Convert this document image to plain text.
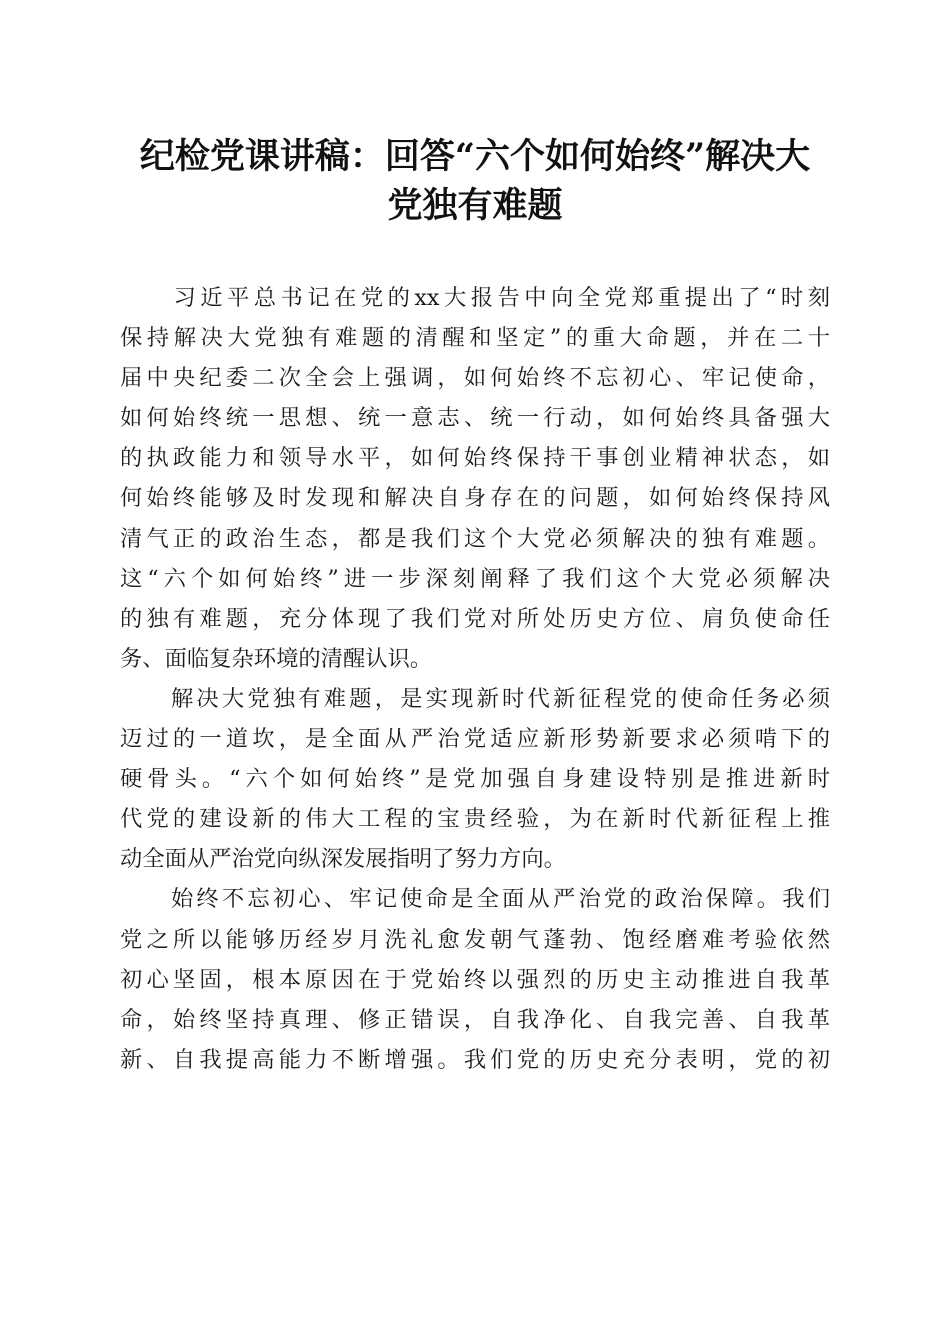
纪检党课讲稿：回答“六个如何始终”解决大
党独有难题
　　习近平总书记在党的xx大报告中向全党郑重提出了“时刻
保持解决大党独有难题的清醒和坚定”的重大命题，并在二十
届中央纪委二次全会上强调，如何始终不忘初心、牢记使命，
如何始终统一思想、统一意志、统一行动，如何始终具备强大
的执政能力和领导水平，如何始终保持干事创业精神状态，如
何始终能够及时发现和解决自身存在的问题，如何始终保持风
清气正的政治生态，都是我们这个大党必须解决的独有难题。
这“六个如何始终”进一步深刻阐释了我们这个大党必须解决
的独有难题，充分体现了我们党对所处历史方位、肩负使命任
务、面临复杂环境的清醒认识。
　　解决大党独有难题，是实现新时代新征程党的使命任务必须
迈过的一道坎，是全面从严治党适应新形势新要求必须啃下的
硬骨头。“六个如何始终”是党加强自身建设特别是推进新时
代党的建设新的伟大工程的宝贵经验，为在新时代新征程上推
动全面从严治党向纵深发展指明了努力方向。
　　始终不忘初心、牢记使命是全面从严治党的政治保障。我们
党之所以能够历经岁月洗礼愈发朝气蓬勃、饱经磨难考验依然
初心坚固，根本原因在于党始终以强烈的历史主动推进自我革
命，始终坚持真理、修正错误，自我净化、自我完善、自我革
新、自我提高能力不断增强。我们党的历史充分表明，党的初
